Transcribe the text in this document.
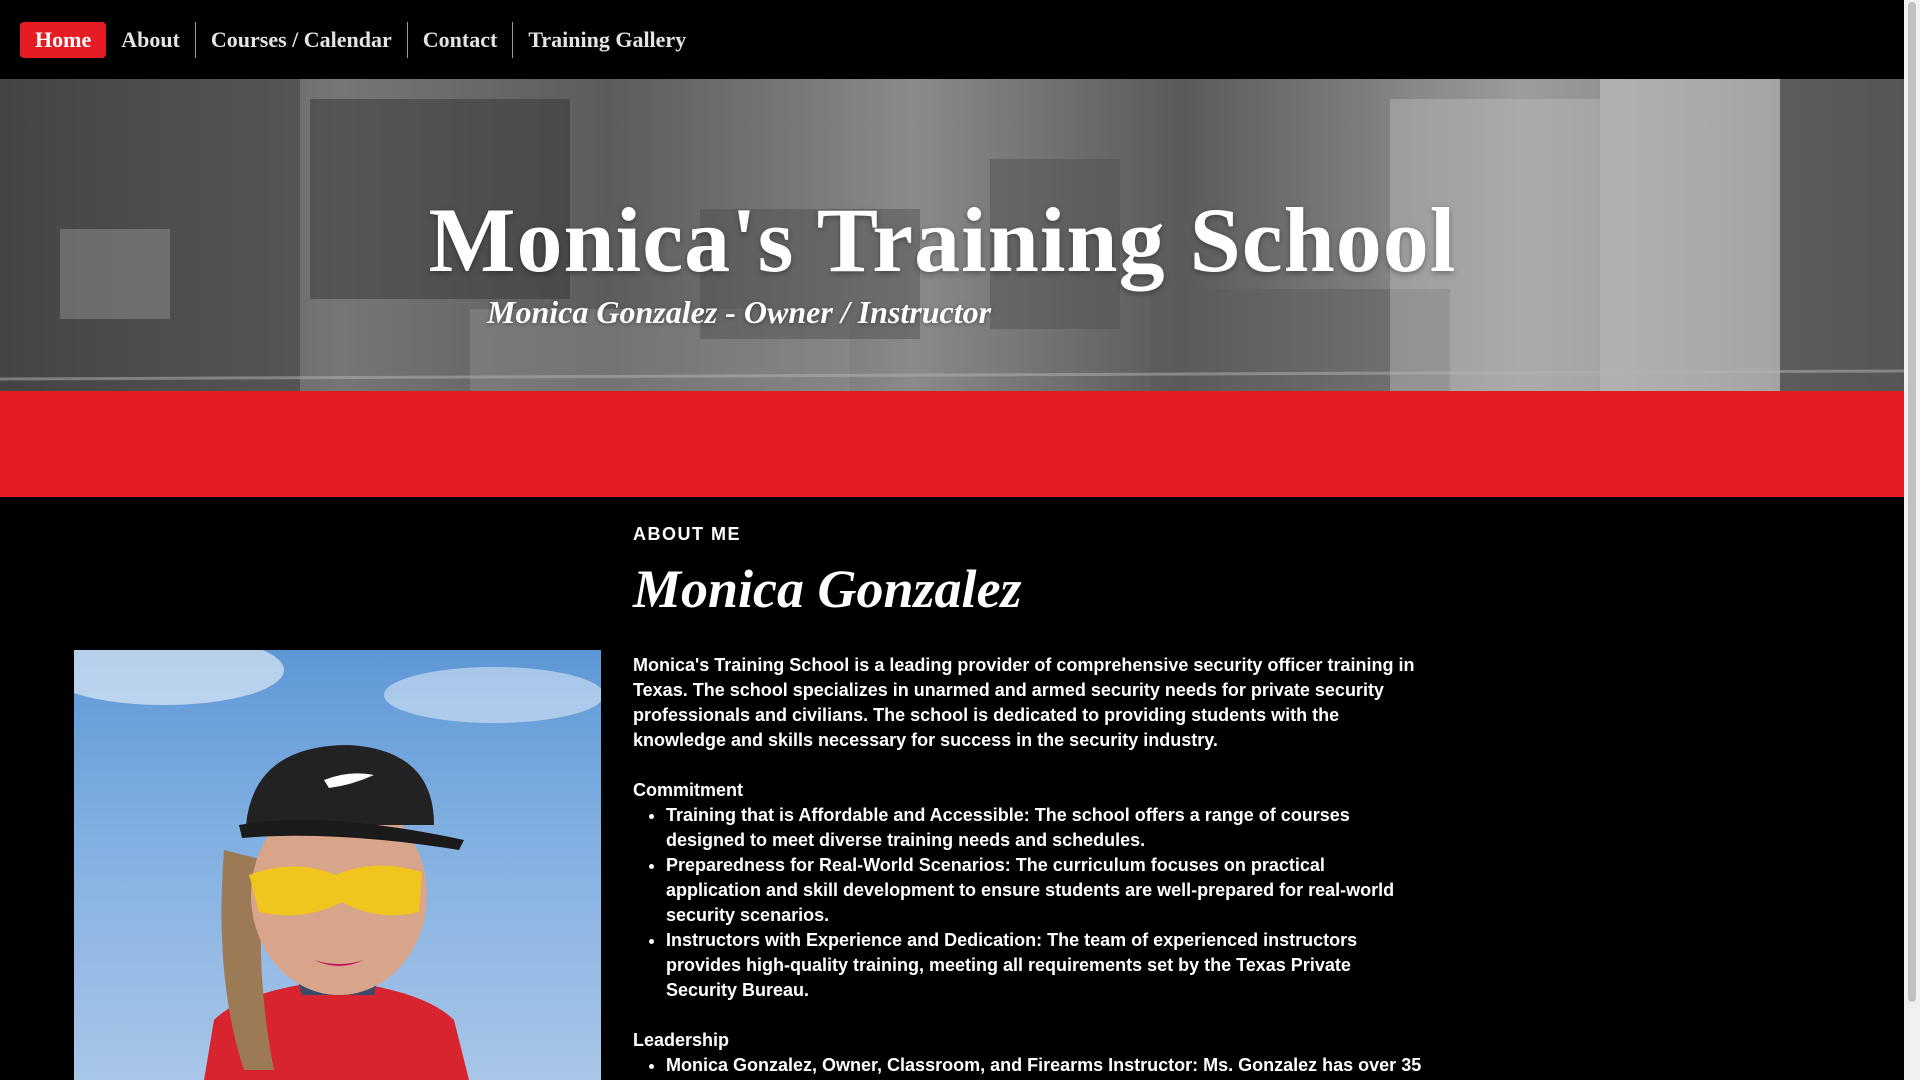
Home	About	Courses / Calendar	Contact	Training Gallery
Monica's Training School
Monica Gonzalez - Owner / Instructor
ABOUT ME
Monica Gonzalez

Monica's Training School is a leading provider of comprehensive security officer training in Texas. The school specializes in unarmed and armed security needs for private security professionals and civilians. The school is dedicated to providing students with the knowledge and skills necessary for success in the security industry.

Commitment

• Training that is Affordable and Accessible: The school offers a range of courses designed to meet diverse training needs and schedules.
• Preparedness for Real-World Scenarios: The curriculum focuses on practical application and skill development to ensure students are well-prepared for real-world security scenarios.
• Instructors with Experience and Dedication: The team of experienced instructors provides high-quality training, meeting all requirements set by the Texas Private Security Bureau.

Leadership

• Monica Gonzalez, Owner, Classroom, and Firearms Instructor: Ms. Gonzalez has over 35
